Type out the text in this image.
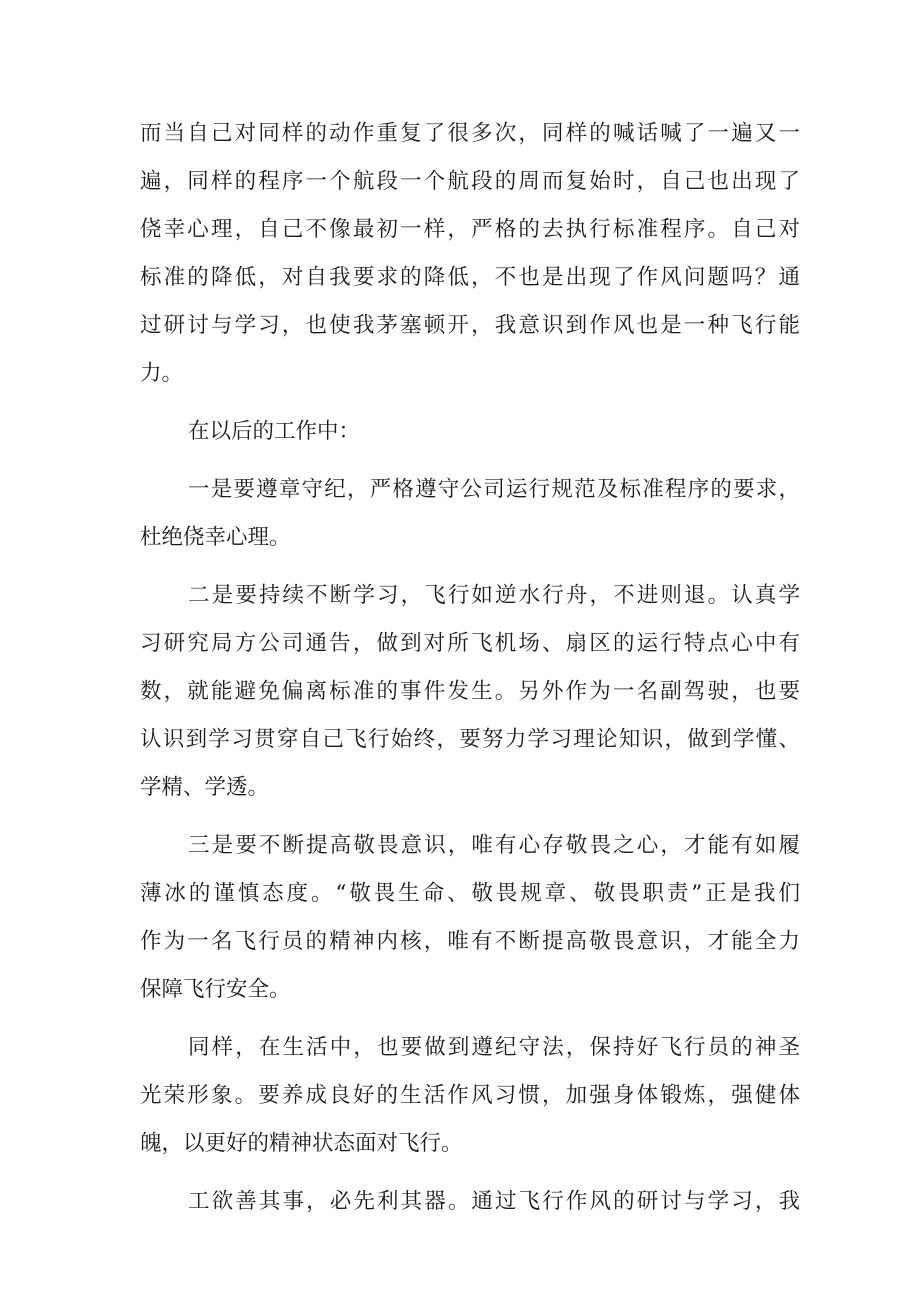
而当自己对同样的动作重复了很多次，同样的喊话喊了一遍又一
遍，同样的程序一个航段一个航段的周而复始时，自己也出现了
侥幸心理，自己不像最初一样，严格的去执行标准程序。自己对
标准的降低，对自我要求的降低，不也是出现了作风问题吗？通
过研讨与学习，也使我茅塞顿开，我意识到作风也是一种飞行能
力。
在以后的工作中：
一是要遵章守纪，严格遵守公司运行规范及标准程序的要求，
杜绝侥幸心理。
二是要持续不断学习，飞行如逆水行舟，不进则退。认真学
习研究局方公司通告，做到对所飞机场、扇区的运行特点心中有
数，就能避免偏离标准的事件发生。另外作为一名副驾驶，也要
认识到学习贯穿自己飞行始终，要努力学习理论知识，做到学懂、
学精、学透。
三是要不断提高敬畏意识，唯有心存敬畏之心，才能有如履
薄冰的谨慎态度。“敬畏生命、敬畏规章、敬畏职责”正是我们
作为一名飞行员的精神内核，唯有不断提高敬畏意识，才能全力
保障飞行安全。
同样，在生活中，也要做到遵纪守法，保持好飞行员的神圣
光荣形象。要养成良好的生活作风习惯，加强身体锻炼，强健体
魄，以更好的精神状态面对飞行。
工欲善其事，必先利其器。通过飞行作风的研讨与学习，我
